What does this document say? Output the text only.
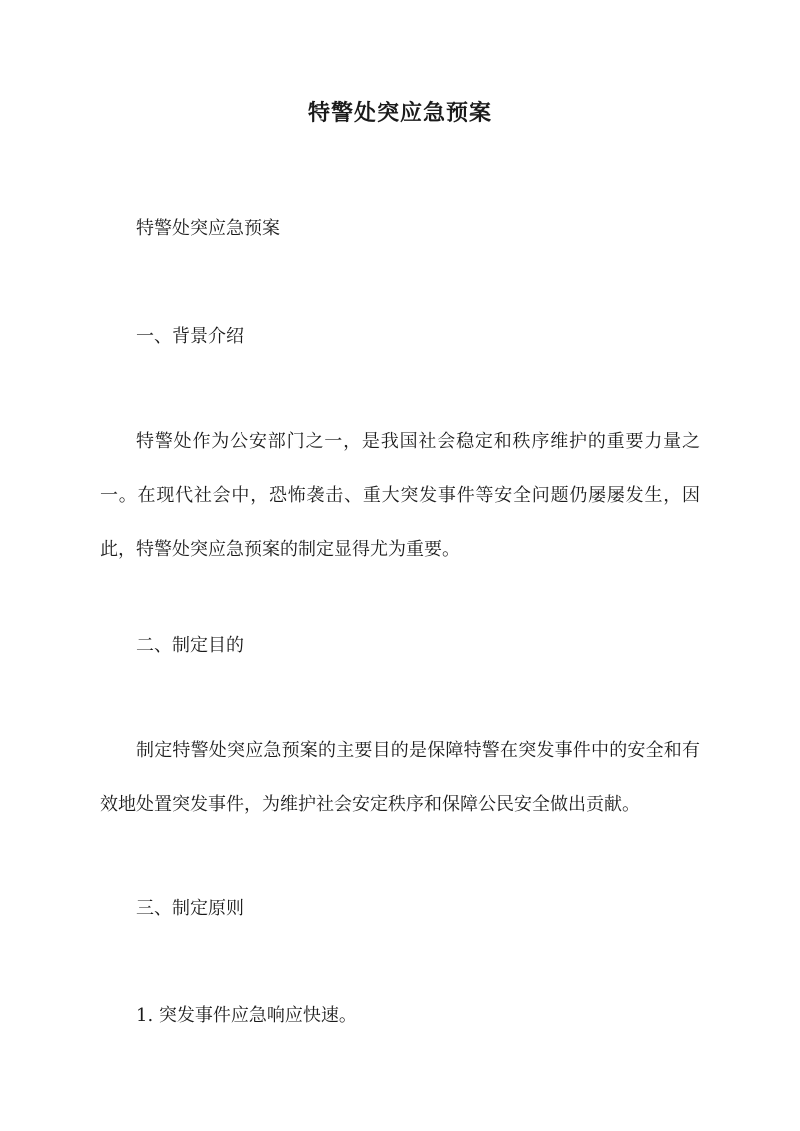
特警处突应急预案
特警处突应急预案
一、背景介绍
特警处作为公安部门之一，是我国社会稳定和秩序维护的重要力量之一。在现代社会中，恐怖袭击、重大突发事件等安全问题仍屡屡发生，因此，特警处突应急预案的制定显得尤为重要。
二、制定目的
制定特警处突应急预案的主要目的是保障特警在突发事件中的安全和有效地处置突发事件，为维护社会安定秩序和保障公民安全做出贡献。
三、制定原则
1. 突发事件应急响应快速。
